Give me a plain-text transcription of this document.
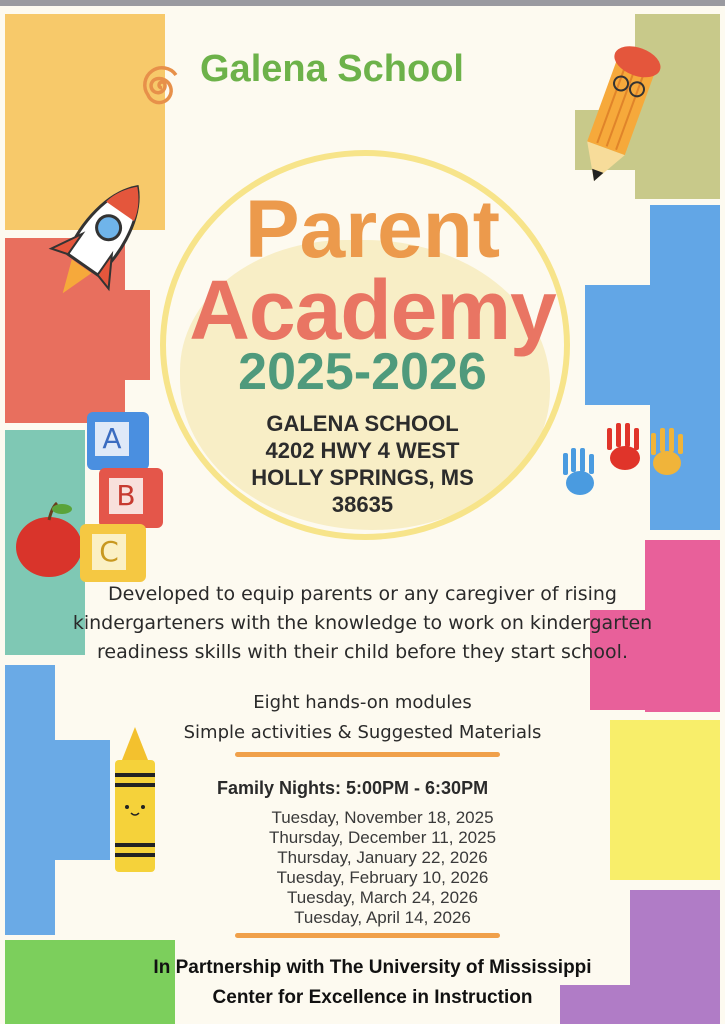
Galena School
Parent
Academy
2025-2026
GALENA SCHOOL
4202 HWY 4 WEST
HOLLY SPRINGS, MS
38635
A
B
C
Developed to equip parents or any caregiver of rising
kindergarteners with the knowledge to work on kindergarten
readiness skills with their child before they start school.
Eight hands-on modules
Simple activities & Suggested Materials
Family Nights: 5:00PM - 6:30PM
Tuesday, November 18, 2025
Thursday, December 11, 2025
Thursday, January 22, 2026
Tuesday, February 10, 2026
Tuesday, March 24, 2026
Tuesday, April 14, 2026
In Partnership with The University of Mississippi
Center for Excellence in Instruction
